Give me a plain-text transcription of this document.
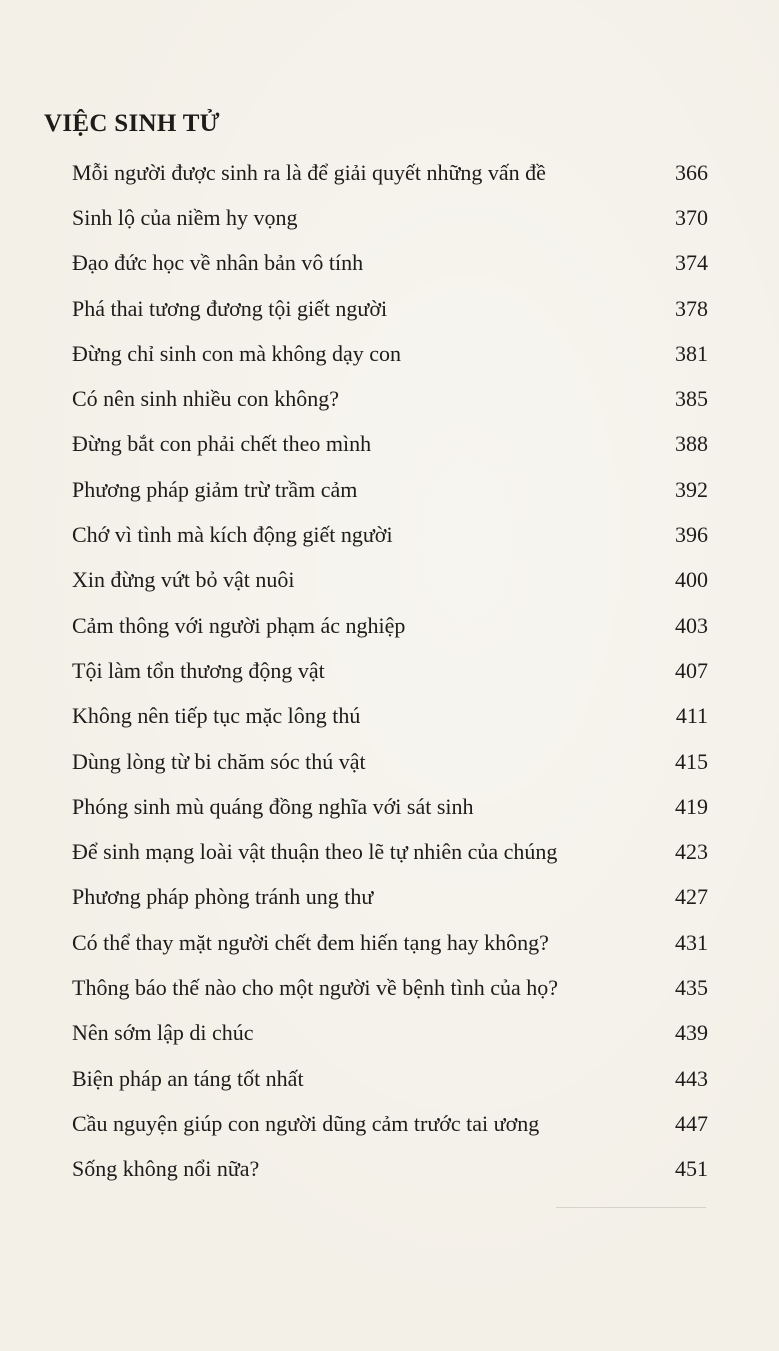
VIỆC SINH TỬ
Mỗi người được sinh ra là để giải quyết những vấn đề	366
Sinh lộ của niềm hy vọng	370
Đạo đức học về nhân bản vô tính	374
Phá thai tương đương tội giết người	378
Đừng chỉ sinh con mà không dạy con	381
Có nên sinh nhiều con không?	385
Đừng bắt con phải chết theo mình	388
Phương pháp giảm trừ trầm cảm	392
Chớ vì tình mà kích động giết người	396
Xin đừng vứt bỏ vật nuôi	400
Cảm thông với người phạm ác nghiệp	403
Tội làm tổn thương động vật	407
Không nên tiếp tục mặc lông thú	411
Dùng lòng từ bi chăm sóc thú vật	415
Phóng sinh mù quáng đồng nghĩa với sát sinh	419
Để sinh mạng loài vật thuận theo lẽ tự nhiên của chúng	423
Phương pháp phòng tránh ung thư	427
Có thể thay mặt người chết đem hiến tạng hay không?	431
Thông báo thế nào cho một người về bệnh tình của họ?	435
Nên sớm lập di chúc	439
Biện pháp an táng tốt nhất	443
Cầu nguyện giúp con người dũng cảm trước tai ương	447
Sống không nổi nữa?	451
